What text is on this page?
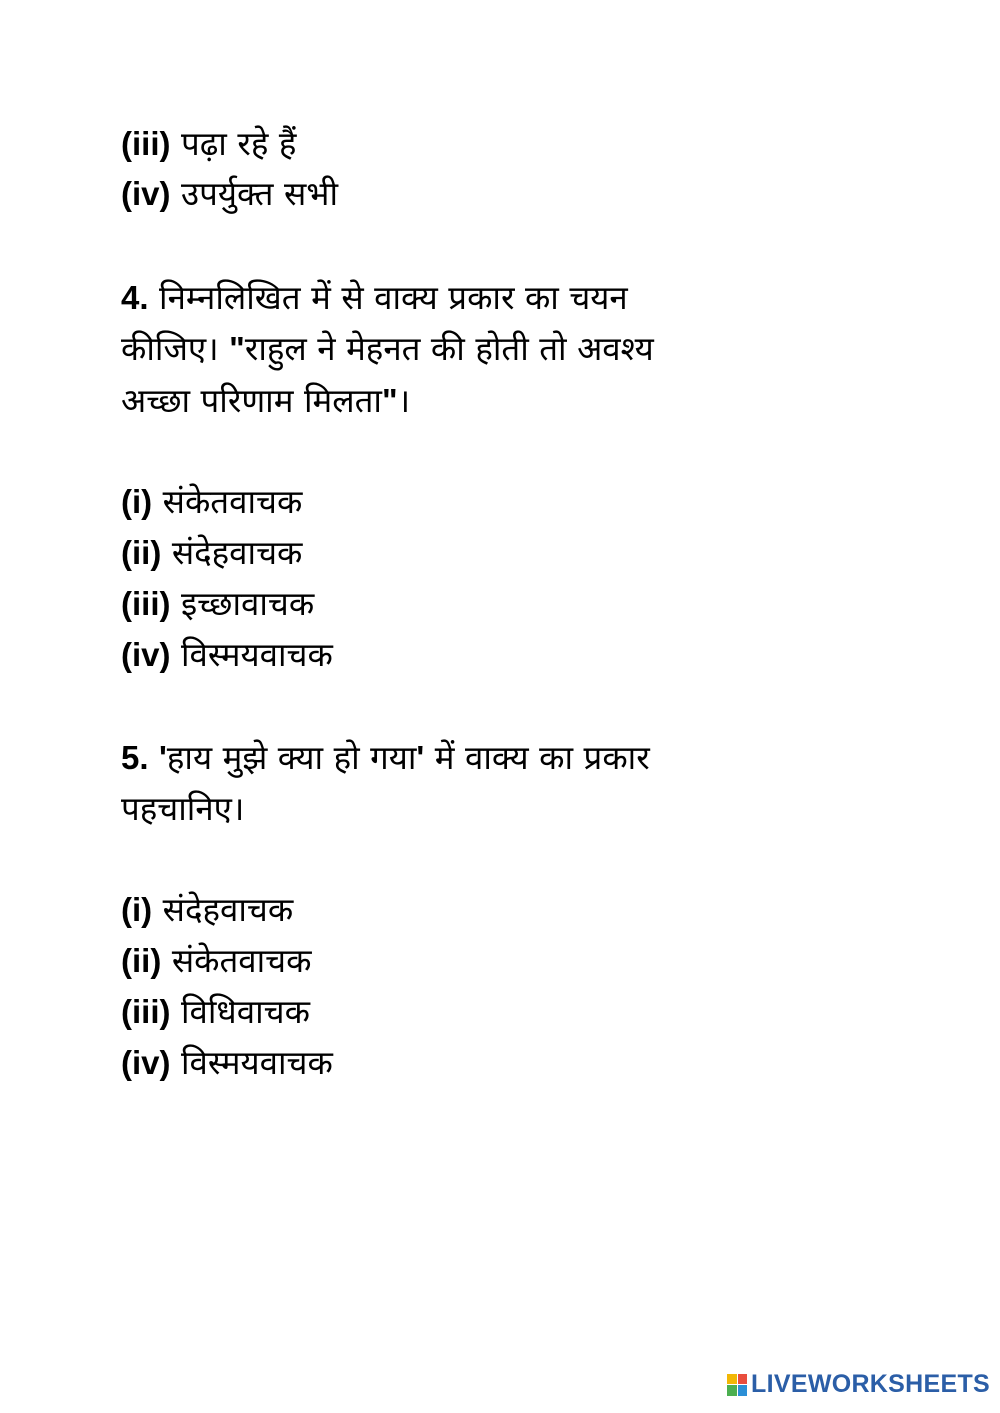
(iii) पढ़ा रहे हैं
(iv) उपर्युक्त सभी
4. निम्नलिखित में से वाक्य प्रकार का चयन
कीजिए। "राहुल ने मेहनत की होती तो अवश्य
अच्छा परिणाम मिलता"।
(i) संकेतवाचक
(ii) संदेहवाचक
(iii) इच्छावाचक
(iv) विस्मयवाचक
5. 'हाय मुझे क्या हो गया' में वाक्य का प्रकार
पहचानिए।
(i) संदेहवाचक
(ii) संकेतवाचक
(iii) विधिवाचक
(iv) विस्मयवाचक
LIVEWORKSHEETS
